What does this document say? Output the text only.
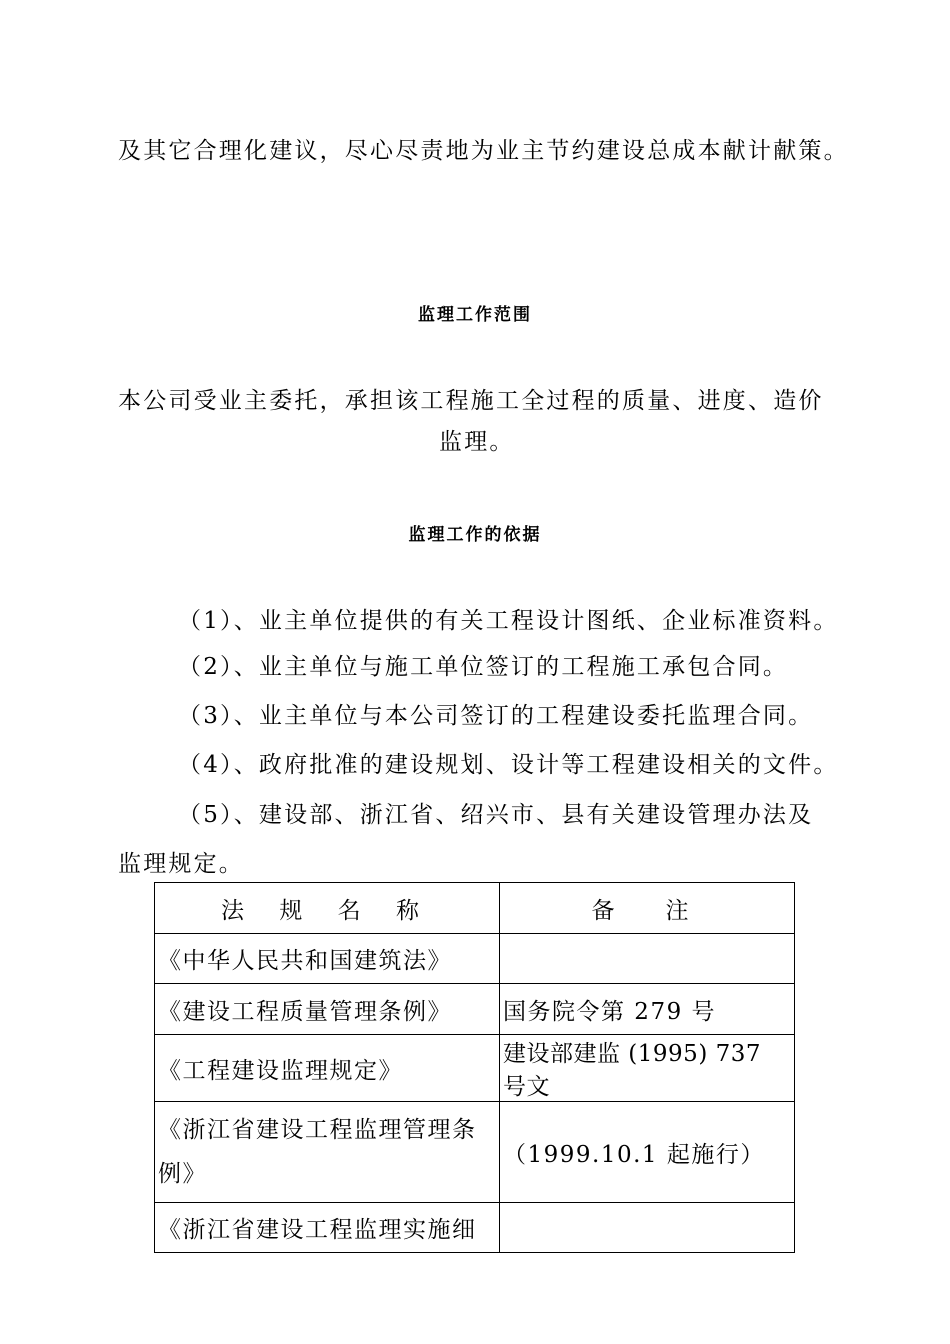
及其它合理化建议，尽心尽责地为业主节约建设总成本献计献策。
监理工作范围
本公司受业主委托，承担该工程施工全过程的质量、进度、造价
监理。
监理工作的依据
（1）、业主单位提供的有关工程设计图纸、企业标准资料。
（2）、业主单位与施工单位签订的工程施工承包合同。
（3）、业主单位与本公司签订的工程建设委托监理合同。
（4）、政府批准的建设规划、设计等工程建设相关的文件。
（5）、建设部、浙江省、绍兴市、县有关建设管理办法及
监理规定。
法 规 名 称	备　注
《中华人民共和国建筑法》	
《建设工程质量管理条例》	国务院令第 279 号
《工程建设监理规定》	建设部建监 (1995) 737 号文
《浙江省建设工程监理管理条例》	（1999.10.1 起施行）
《浙江省建设工程监理实施细	
